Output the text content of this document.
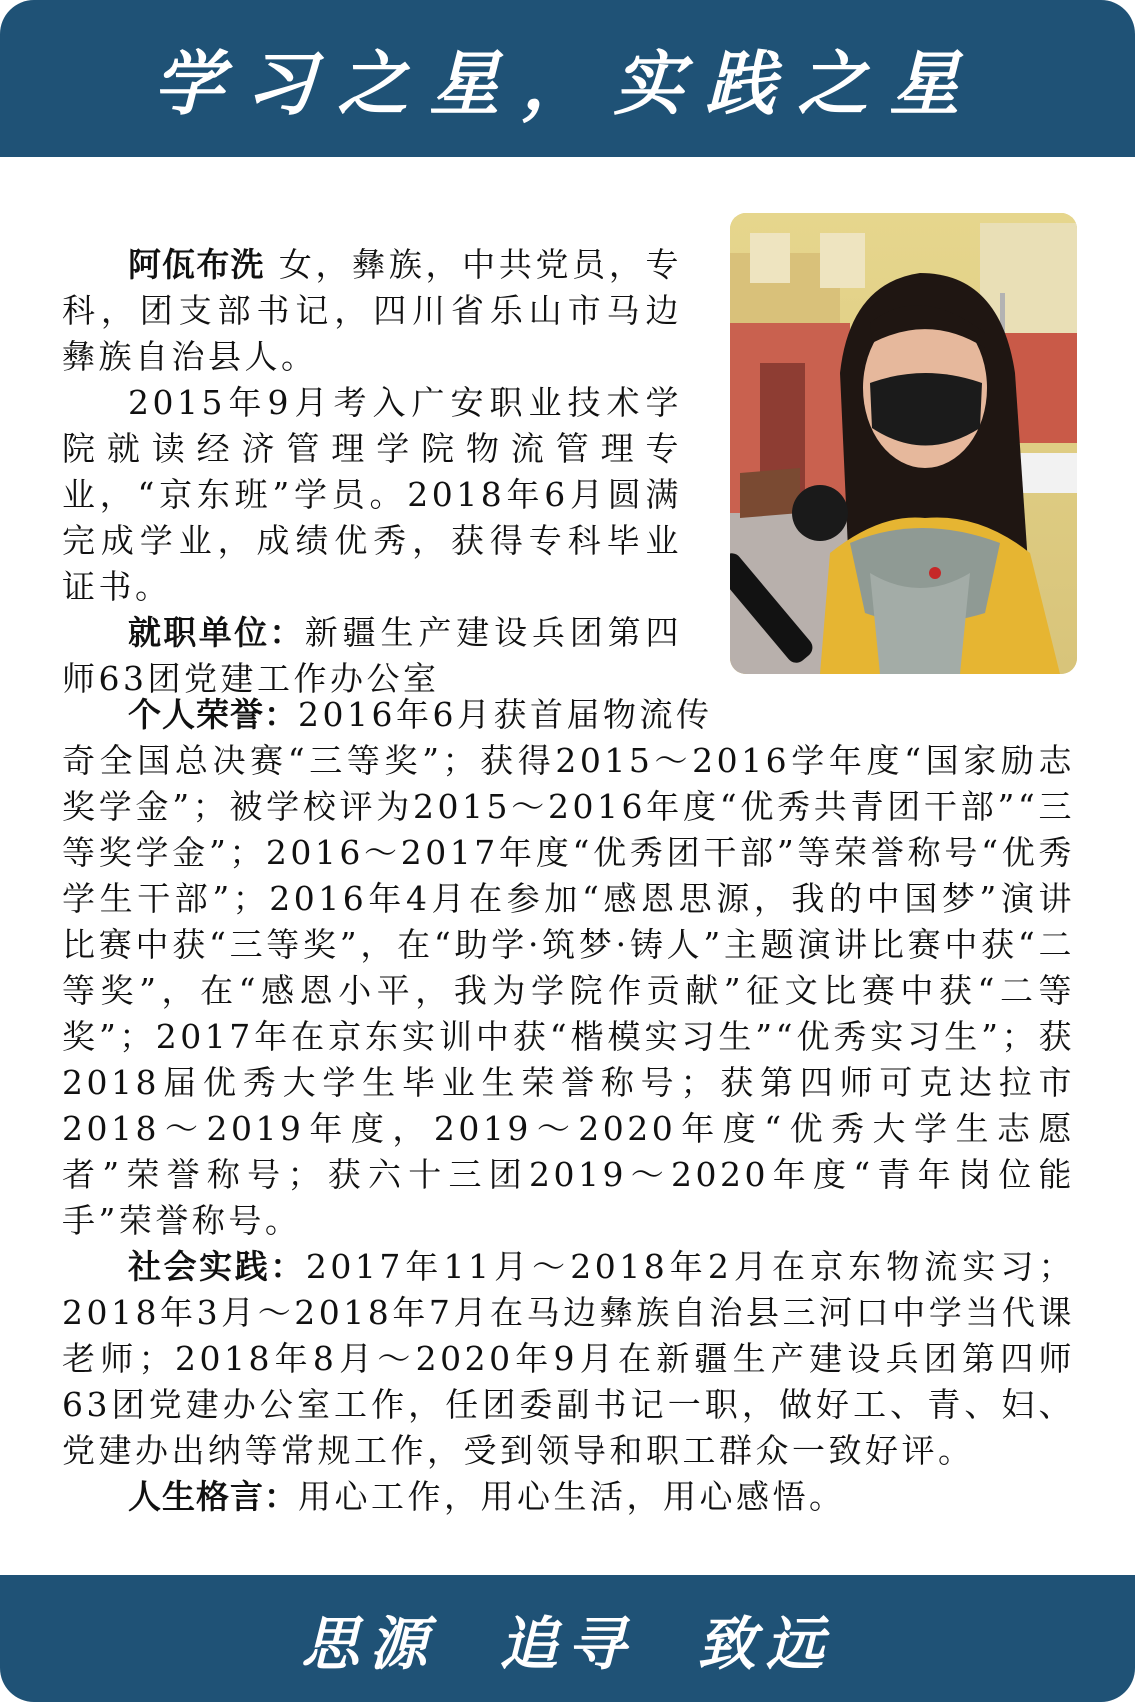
学习之星，实践之星

阿佤布洗 女，彝族，中共党员，专科，团支部书记，四川省乐山市马边彝族自治县人。

2015年9月考入广安职业技术学院就读经济管理学院物流管理专业，“京东班”学员。2018年6月圆满完成学业，成绩优秀，获得专科毕业证书。

就职单位：新疆生产建设兵团第四师63团党建工作办公室

个人荣誉：2016年6月获首届物流传
奇全国总决赛“三等奖”；获得2015～2016学年度“国家励志奖学金”；被学校评为2015～2016年度“优秀共青团干部”“三等奖学金”；2016～2017年度“优秀团干部”等荣誉称号“优秀学生干部”；2016年4月在参加“感恩思源，我的中国梦”演讲比赛中获“三等奖”，在“助学·筑梦·铸人”主题演讲比赛中获“二等奖”，在“感恩小平，我为学院作贡献”征文比赛中获“二等奖”；2017年在京东实训中获“楷模实习生”“优秀实习生”；获2018届优秀大学生毕业生荣誉称号；获第四师可克达拉市2018～2019年度，2019～2020年度“优秀大学生志愿者”荣誉称号；获六十三团2019～2020年度“青年岗位能手”荣誉称号。

社会实践：2017年11月～2018年2月在京东物流实习；2018年3月～2018年7月在马边彝族自治县三河口中学当代课老师；2018年8月～2020年9月在新疆生产建设兵团第四师63团党建办公室工作，任团委副书记一职，做好工、青、妇、党建办出纳等常规工作，受到领导和职工群众一致好评。

人生格言：用心工作，用心生活，用心感悟。

思源 追寻 致远
